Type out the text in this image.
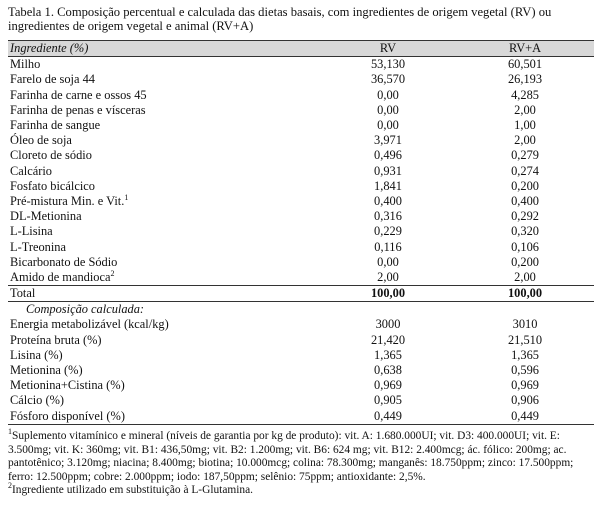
Tabela 1. Composição percentual e calculada das dietas basais, com ingredientes de origem vegetal (RV) ou ingredientes de origem vegetal e animal (RV+A)
Ingrediente (%)	RV	RV+A
Milho	53,130	60,501
Farelo de soja 44	36,570	26,193
Farinha de carne e ossos 45	0,00	4,285
Farinha de penas e vísceras	0,00	2,00
Farinha de sangue	0,00	1,00
Óleo de soja	3,971	2,00
Cloreto de sódio	0,496	0,279
Calcário	0,931	0,274
Fosfato bicálcico	1,841	0,200
Pré-mistura Min. e Vit.$^1$	0,400	0,400
DL-Metionina	0,316	0,292
L-Lisina	0,229	0,320
L-Treonina	0,116	0,106
Bicarbonato de Sódio	0,00	0,200
Amido de mandioca$^2$	2,00	2,00
Total	100,00	100,00
Composição calculada:		
Energia metabolizável (kcal/kg)	3000	3010
Proteína bruta (%)	21,420	21,510
Lisina (%)	1,365	1,365
Metionina (%)	0,638	0,596
Metionina+Cistina (%)	0,969	0,969
Cálcio (%)	0,905	0,906
Fósforo disponível (%)	0,449	0,449
$^1$Suplemento vitamínico e mineral (níveis de garantia por kg de produto): vit. A: 1.680.000UI; vit. D3: 400.000UI; vit. E: 3.500mg; vit. K: 360mg; vit. B1: 436,50mg; vit. B2: 1.200mg; vit. B6: 624 mg; vit. B12: 2.400mcg; ác. fólico: 200mg; ac. pantotênico; 3.120mg; niacina; 8.400mg; biotina; 10.000mcg; colina: 78.300mg; manganês: 18.750ppm; zinco: 17.500ppm; ferro: 12.500ppm; cobre: 2.000ppm; iodo: 187,50ppm; selênio: 75ppm; antioxidante: 2,5%.
$^2$Ingrediente utilizado em substituição à L-Glutamina.
